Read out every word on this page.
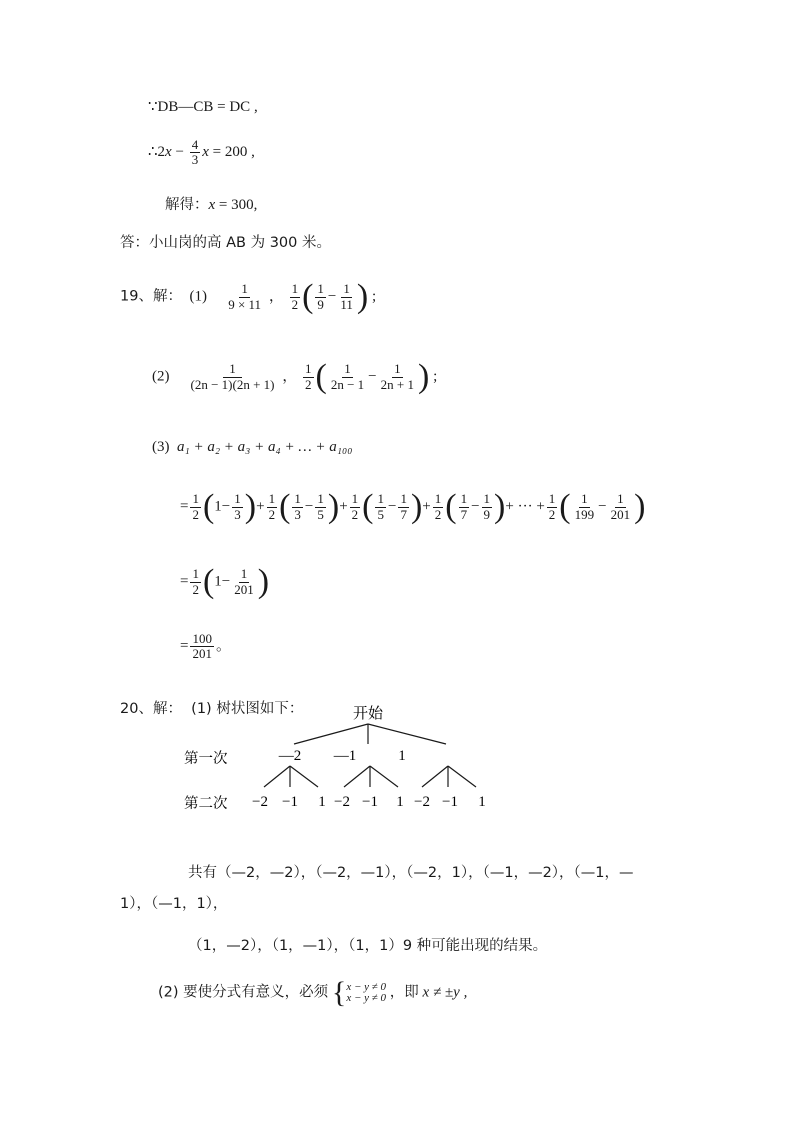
∵DB—CB = DC ,
∴2x − $\frac{4}{3}$ x = 200 ,
解得：x = 300,
答：小山岗的高 AB 为 300 米。
19、解： $(1) \frac{1}{9 \times 11}$ ， $\frac{1}{2}$ ( $\frac{1}{9} - \frac{1}{11}$ ) ;
$(2) \frac{1}{(2n - 1)(2n + 1)}$ ， $\frac{1}{2}$ ( $\frac{1}{2n - 1} - \frac{1}{2n + 1}$ ) ;
(3) a₁ + a₂ + a₃ + a₄ + … + a₁₀₀
= $\frac{1}{2} (1- \frac{1}{3}$ )+ $\frac{1}{2}$ ( $\frac{1}{3} - \frac{1}{5}$ )+ $\frac{1}{2}$ ( $\frac{1}{5} - \frac{1}{7}$ )+ $\frac{1}{2}$ ( $\frac{1}{7} - \frac{1}{9}$ )+ ··· + $\frac{1}{2}$ ( $\frac{1}{199} - \frac{1}{201}$ )
= $\frac{1}{2} (1- \frac{1}{201}$ )
= $\frac{100}{201}$ 。
20、解： (1) 树状图如下：	开始
第一次	—2 —1	1
第二次 −2 −1 1 −2 −1 1 −2 −1 1
共有（—2，—2），（—2，—1），（—2，1），（—1，—2），（—1，—
1），（—1，1），
（1，—2），（1，—1），（1，1）9 种可能出现的结果。
(2) 要使分式有意义，必须 { x − y ≠ 0
x − y ≠ 0 ，即 x ≠ ±y ,
